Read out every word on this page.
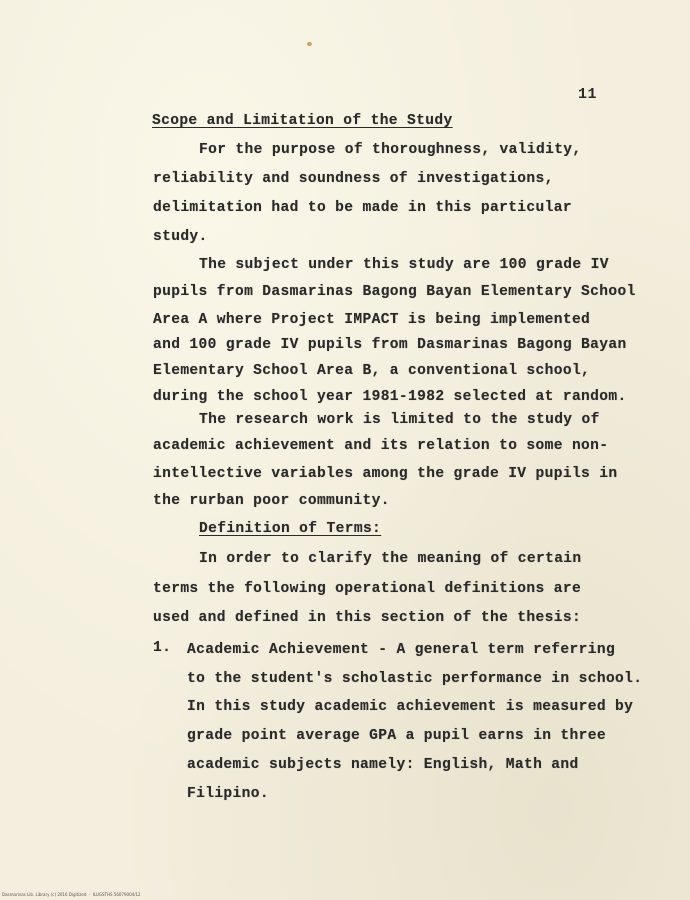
11
Scope and Limitation of the Study
For the purpose of thoroughness, validity,
reliability and soundness of investigations,
delimitation had to be made in this particular
study.
The subject under this study are 100 grade IV
pupils from Dasmarinas Bagong Bayan Elementary School
Area A where Project IMPACT is being implemented
and 100 grade IV pupils from Dasmarinas Bagong Bayan
Elementary School Area B, a conventional school,
during the school year 1981-1982 selected at random.
The research work is limited to the study of
academic achievement and its relation to some non-
intellective variables among the grade IV pupils in
the rurban poor community.
Definition of Terms:
In order to clarify the meaning of certain
terms the following operational definitions are
used and defined in this section of the thesis:
1. Academic Achievement - A general term referring
to the student's scholastic performance in school.
In this study academic achievement is measured by
grade point average GPA a pupil earns in three
academic subjects namely: English, Math and
Filipino.
Dasmarinas Lib. Library (c) 2016 Digitized  ·  ILUGSTHS 56079004/12
